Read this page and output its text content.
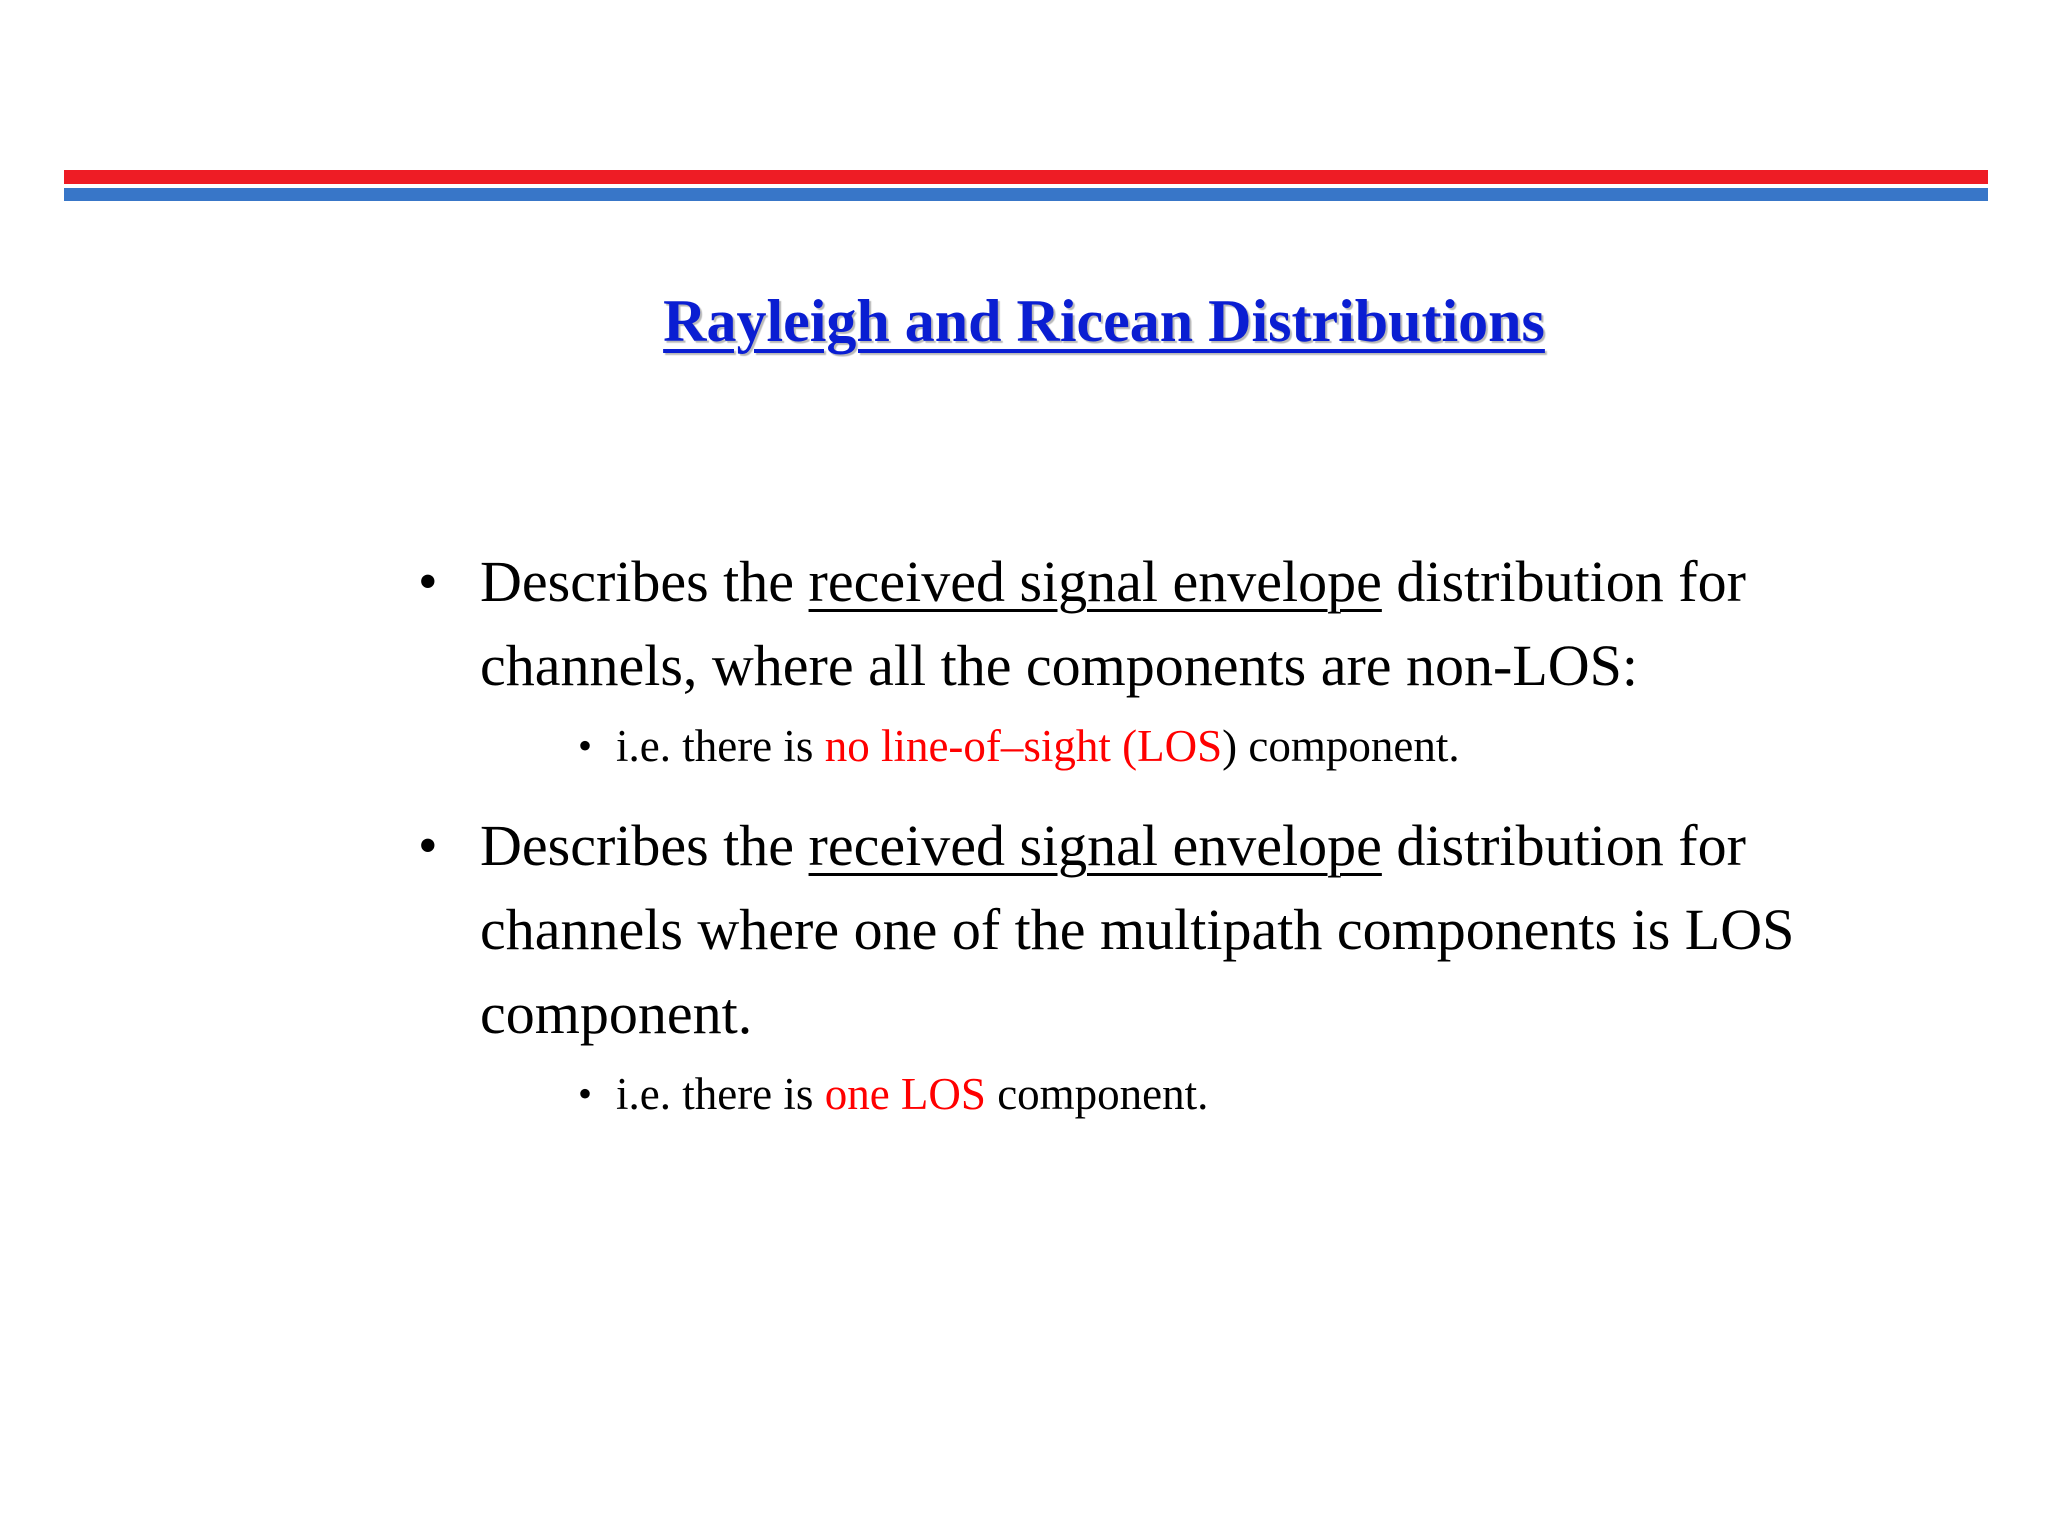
Rayleigh and Ricean Distributions
• Describes the received signal envelope distribution for channels, where all the components are non-LOS:
• i.e. there is no line-of–sight (LOS) component.
• Describes the received signal envelope distribution for channels where one of the multipath components is LOS component.
• i.e. there is one LOS component.
